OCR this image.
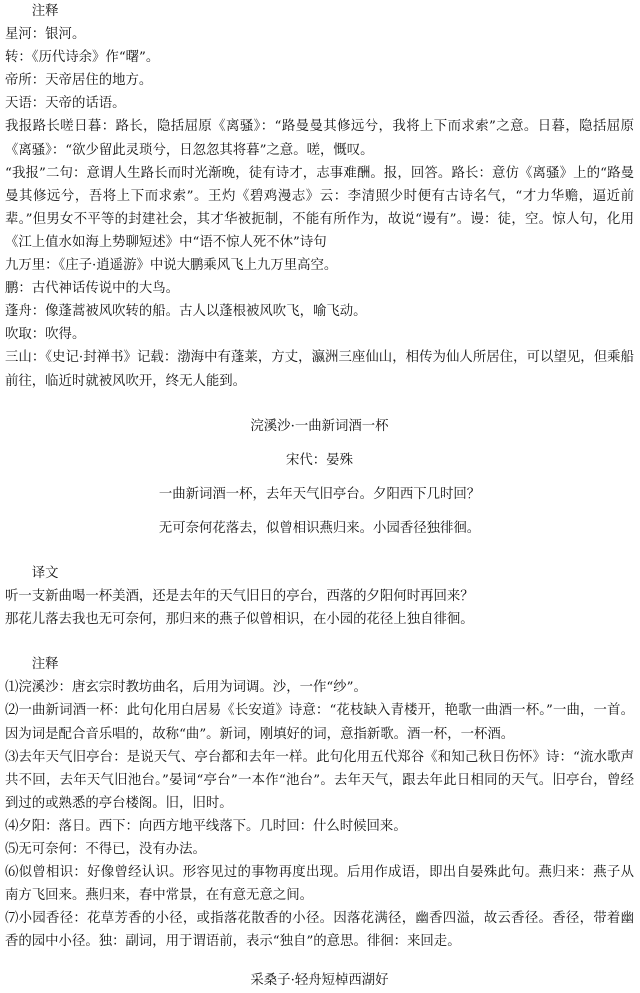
注释
星河：银河。
转：《历代诗余》作“曙”。
帝所：天帝居住的地方。
天语：天帝的话语。
我报路长嗟日暮：路长，隐括屈原《离骚》：“路曼曼其修远兮，我将上下而求索”之意。日暮，隐括屈原《离骚》：“欲少留此灵琐兮，日忽忽其将暮”之意。嗟，慨叹。
“我报”二句：意谓人生路长而时光渐晚，徒有诗才，志事难酬。报，回答。路长：意仿《离骚》上的“路曼曼其修远兮，吾将上下而求索”。王灼《碧鸡漫志》云：李清照少时便有古诗名气，“才力华赡，逼近前辈。”但男女不平等的封建社会，其才华被扼制，不能有所作为，故说“谩有”。谩：徒，空。惊人句，化用《江上值水如海上势聊短述》中“语不惊人死不休”诗句
九万里：《庄子·逍遥游》中说大鹏乘风飞上九万里高空。
鹏：古代神话传说中的大鸟。
蓬舟：像蓬蒿被风吹转的船。古人以蓬根被风吹飞，喻飞动。
吹取：吹得。
三山：《史记·封禅书》记载：渤海中有蓬莱，方丈，瀛洲三座仙山，相传为仙人所居住，可以望见，但乘船前往，临近时就被风吹开，终无人能到。
浣溪沙·一曲新词酒一杯
宋代：晏殊
一曲新词酒一杯，去年天气旧亭台。夕阳西下几时回？
无可奈何花落去，似曾相识燕归来。小园香径独徘徊。
译文
听一支新曲喝一杯美酒，还是去年的天气旧日的亭台，西落的夕阳何时再回来？
那花儿落去我也无可奈何，那归来的燕子似曾相识，在小园的花径上独自徘徊。
注释
⑴浣溪沙：唐玄宗时教坊曲名，后用为词调。沙，一作“纱”。
⑵一曲新词酒一杯：此句化用白居易《长安道》诗意：“花枝缺入青楼开，艳歌一曲酒一杯。”一曲，一首。因为词是配合音乐唱的，故称“曲”。新词，刚填好的词，意指新歌。酒一杯，一杯酒。
⑶去年天气旧亭台：是说天气、亭台都和去年一样。此句化用五代郑谷《和知己秋日伤怀》诗：“流水歌声共不回，去年天气旧池台。”晏词“亭台”一本作“池台”。去年天气，跟去年此日相同的天气。旧亭台，曾经到过的或熟悉的亭台楼阁。旧，旧时。
⑷夕阳：落日。西下：向西方地平线落下。几时回：什么时候回来。
⑸无可奈何：不得已，没有办法。
⑹似曾相识：好像曾经认识。形容见过的事物再度出现。后用作成语，即出自晏殊此句。燕归来：燕子从南方飞回来。燕归来，春中常景，在有意无意之间。
⑺小园香径：花草芳香的小径，或指落花散香的小径。因落花满径，幽香四溢，故云香径。香径，带着幽香的园中小径。独：副词，用于谓语前，表示“独自”的意思。徘徊：来回走。
采桑子·轻舟短棹西湖好
